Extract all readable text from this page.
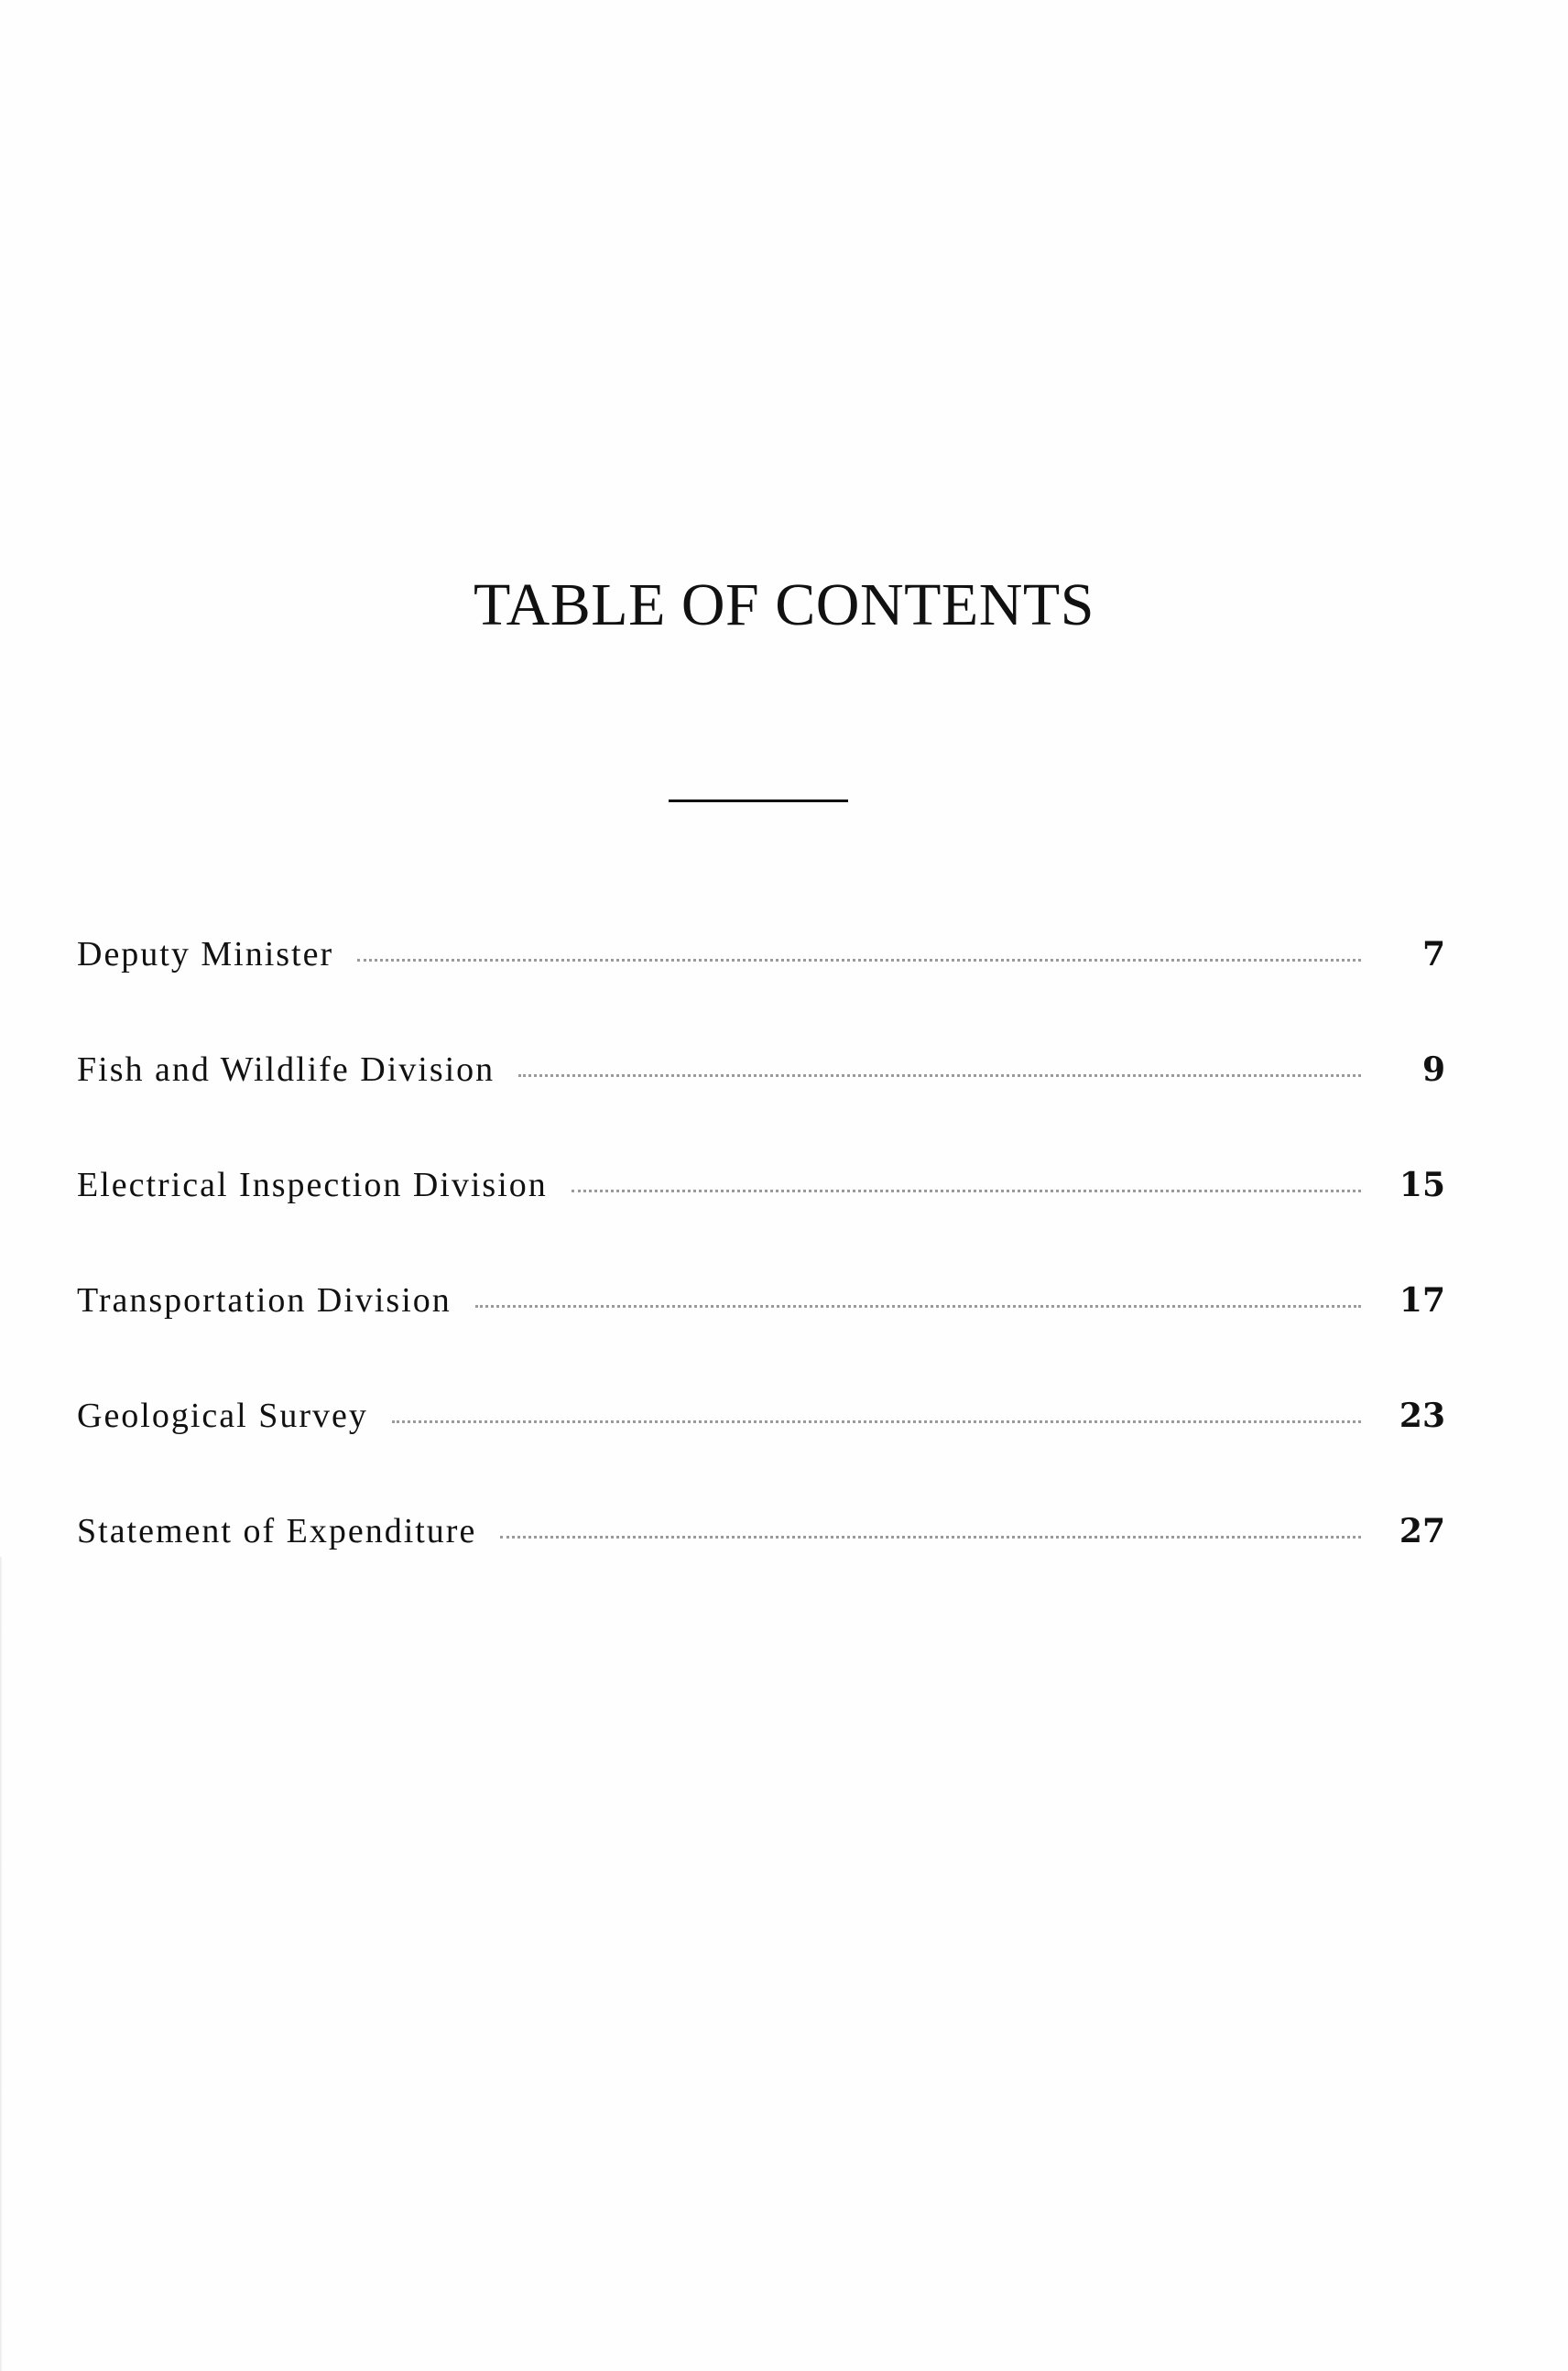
TABLE OF CONTENTS
Deputy Minister	7
Fish and Wildlife Division	9
Electrical Inspection Division	15
Transportation Division	17
Geological Survey	23
Statement of Expenditure	27
